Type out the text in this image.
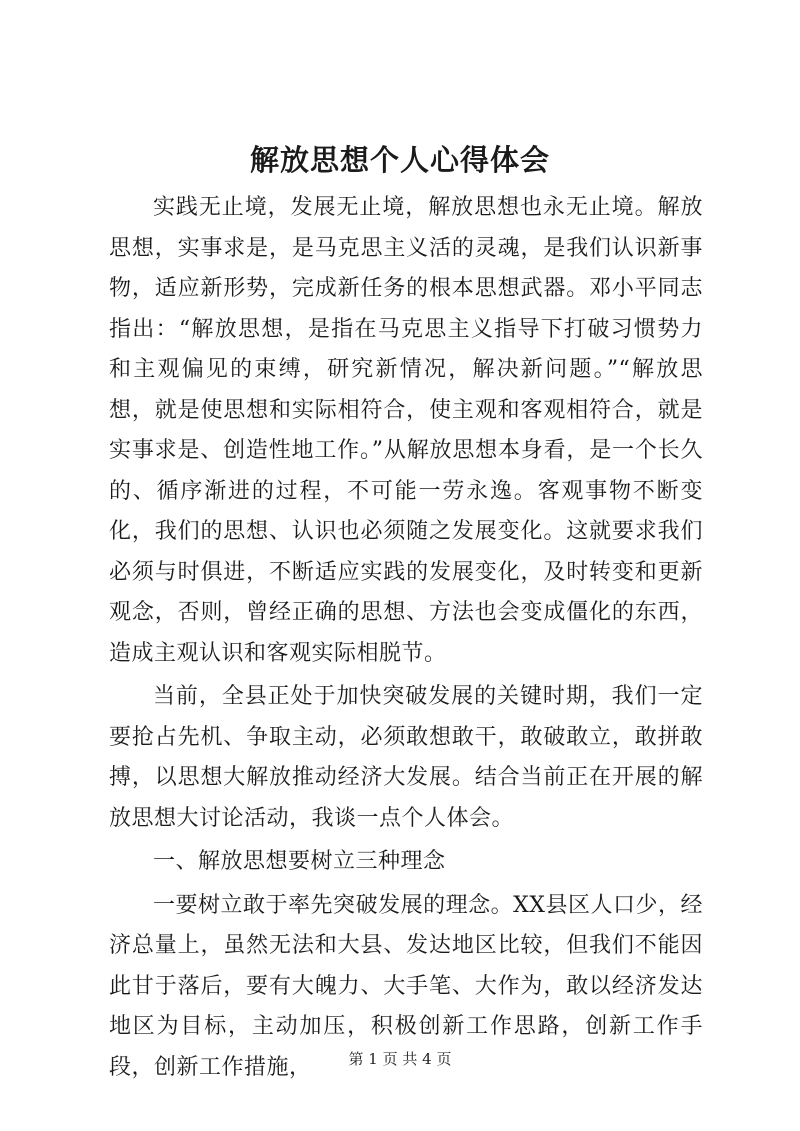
解放思想个人心得体会

实践无止境，发展无止境，解放思想也永无止境。解放思想，实事求是，是马克思主义活的灵魂，是我们认识新事物，适应新形势，完成新任务的根本思想武器。邓小平同志指出：“解放思想，是指在马克思主义指导下打破习惯势力和主观偏见的束缚，研究新情况，解决新问题。”“解放思想，就是使思想和实际相符合，使主观和客观相符合，就是实事求是、创造性地工作。”从解放思想本身看，是一个长久的、循序渐进的过程，不可能一劳永逸。客观事物不断变化，我们的思想、认识也必须随之发展变化。这就要求我们必须与时俱进，不断适应实践的发展变化，及时转变和更新观念，否则，曾经正确的思想、方法也会变成僵化的东西，造成主观认识和客观实际相脱节。

当前，全县正处于加快突破发展的关键时期，我们一定要抢占先机、争取主动，必须敢想敢干，敢破敢立，敢拼敢搏，以思想大解放推动经济大发展。结合当前正在开展的解放思想大讨论活动，我谈一点个人体会。

一、解放思想要树立三种理念

一要树立敢于率先突破发展的理念。XX县区人口少，经济总量上，虽然无法和大县、发达地区比较，但我们不能因此甘于落后，要有大魄力、大手笔、大作为，敢以经济发达地区为目标，主动加压，积极创新工作思路，创新工作手段，创新工作措施，	第 1 页 共 4 页
